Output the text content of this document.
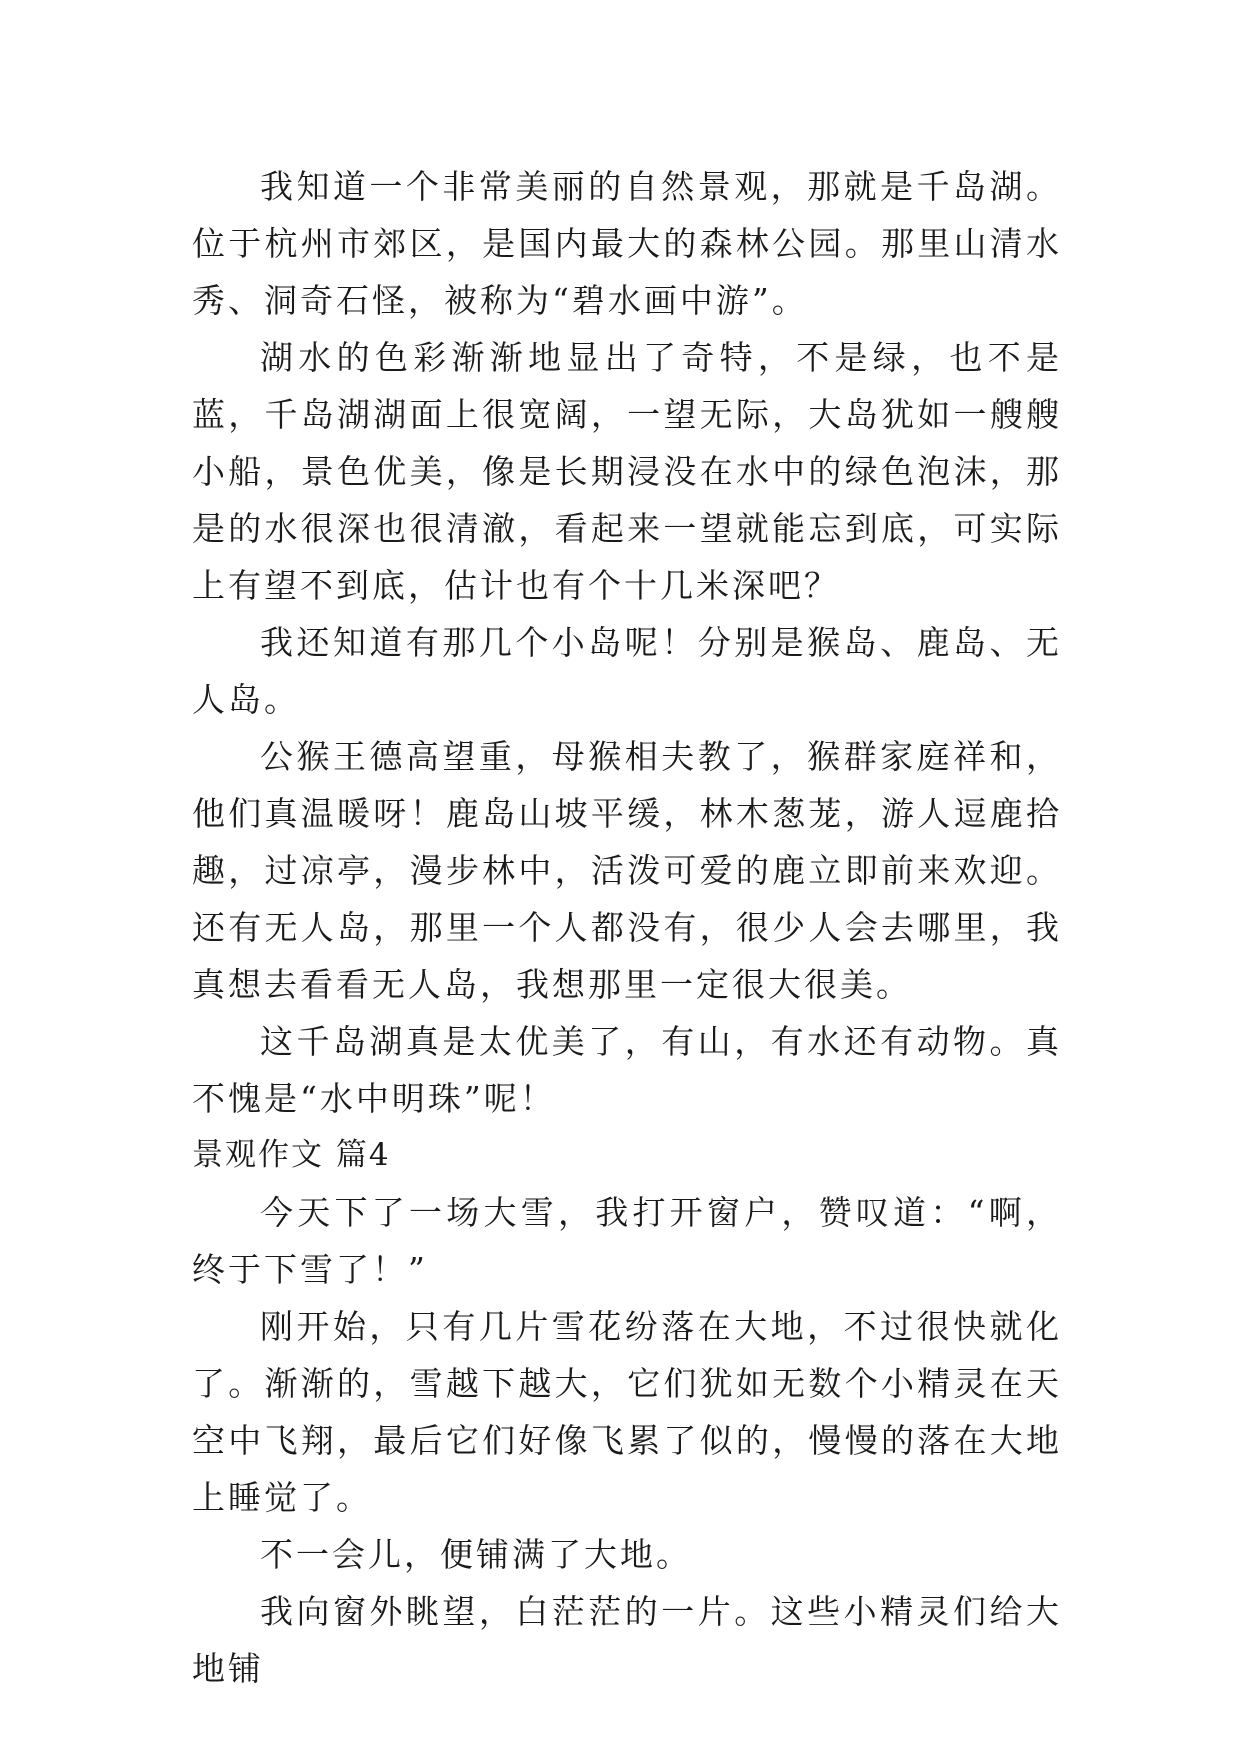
我知道一个非常美丽的自然景观，那就是千岛湖。位于杭州市郊区，是国内最大的森林公园。那里山清水秀、洞奇石怪，被称为“碧水画中游”。

湖水的色彩渐渐地显出了奇特，不是绿，也不是蓝，千岛湖湖面上很宽阔，一望无际，大岛犹如一艘艘小船，景色优美，像是长期浸没在水中的绿色泡沫，那是的水很深也很清澈，看起来一望就能忘到底，可实际上有望不到底，估计也有个十几米深吧？

我还知道有那几个小岛呢！分别是猴岛、鹿岛、无人岛。

公猴王德高望重，母猴相夫教了，猴群家庭祥和，他们真温暖呀！鹿岛山坡平缓，林木葱茏，游人逗鹿拾趣，过凉亭，漫步林中，活泼可爱的鹿立即前来欢迎。还有无人岛，那里一个人都没有，很少人会去哪里，我真想去看看无人岛，我想那里一定很大很美。

这千岛湖真是太优美了，有山，有水还有动物。真不愧是“水中明珠”呢！

景观作文 篇4

今天下了一场大雪，我打开窗户，赞叹道：“啊，终于下雪了！”

刚开始，只有几片雪花纷落在大地，不过很快就化了。渐渐的，雪越下越大，它们犹如无数个小精灵在天空中飞翔，最后它们好像飞累了似的，慢慢的落在大地上睡觉了。

不一会儿，便铺满了大地。

我向窗外眺望，白茫茫的一片。这些小精灵们给大地铺
